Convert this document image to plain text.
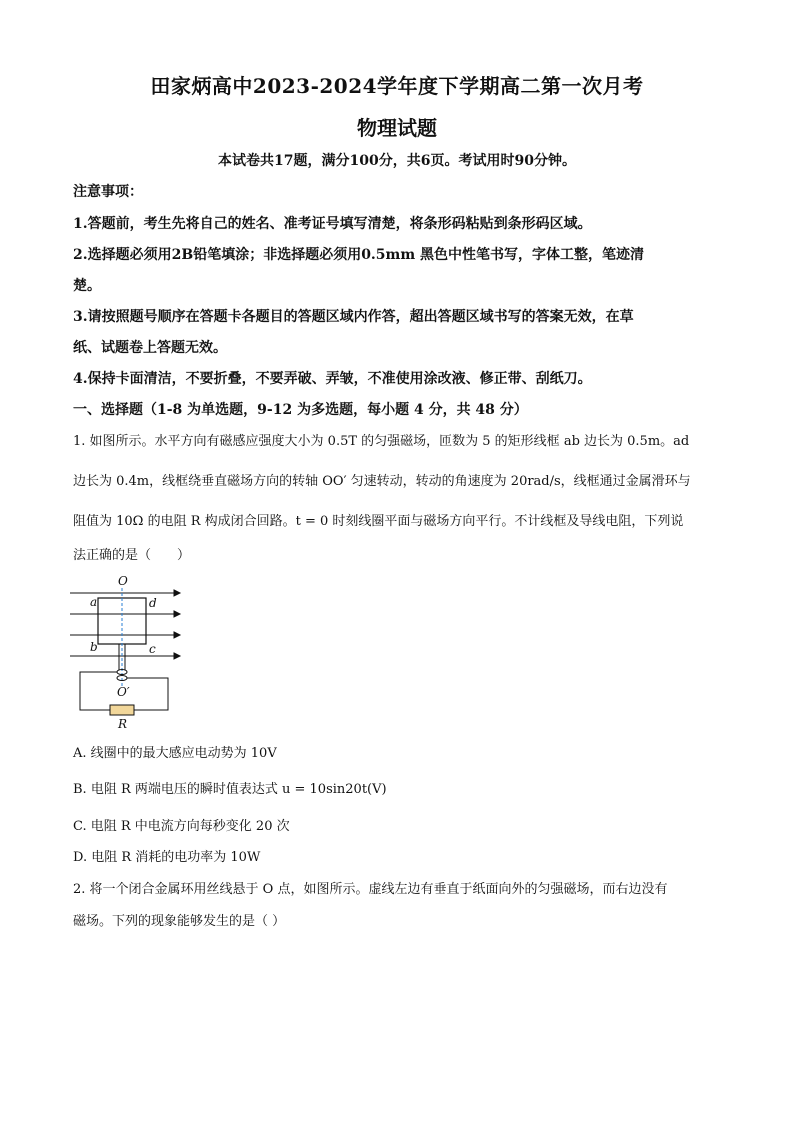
田家炳高中2023-2024学年度下学期高二第一次月考
物理试题
本试卷共17题，满分100分，共6页。考试用时90分钟。
注意事项：
1.答题前，考生先将自己的姓名、准考证号填写清楚，将条形码粘贴到条形码区域。
2.选择题必须用2B铅笔填涂；非选择题必须用0.5mm 黑色中性笔书写，字体工整，笔迹清
楚。
3.请按照题号顺序在答题卡各题目的答题区域内作答，超出答题区域书写的答案无效，在草
纸、试题卷上答题无效。
4.保持卡面清洁，不要折叠，不要弄破、弄皱，不准使用涂改液、修正带、刮纸刀。
一、选择题（1-8 为单选题，9-12 为多选题，每小题 4 分，共 48 分）
1. 如图所示。水平方向有磁感应强度大小为 0.5T 的匀强磁场，匝数为 5 的矩形线框 ab 边长为 0.5m。ad
边长为 0.4m，线框绕垂直磁场方向的转轴 OO′ 匀速转动，转动的角速度为 20rad/s，线框通过金属滑环与
阻值为 10Ω 的电阻 R 构成闭合回路。t = 0 时刻线圈平面与磁场方向平行。不计线框及导线电阻，下列说
法正确的是（　　）
O
a	d
b	c
O′
R
A. 线圈中的最大感应电动势为 10V
B. 电阻 R 两端电压的瞬时值表达式 u = 10sin20t(V)
C. 电阻 R 中电流方向每秒变化 20 次
D. 电阻 R 消耗的电功率为 10W
2. 将一个闭合金属环用丝线悬于 O 点，如图所示。虚线左边有垂直于纸面向外的匀强磁场，而右边没有
磁场。下列的现象能够发生的是（ ）
